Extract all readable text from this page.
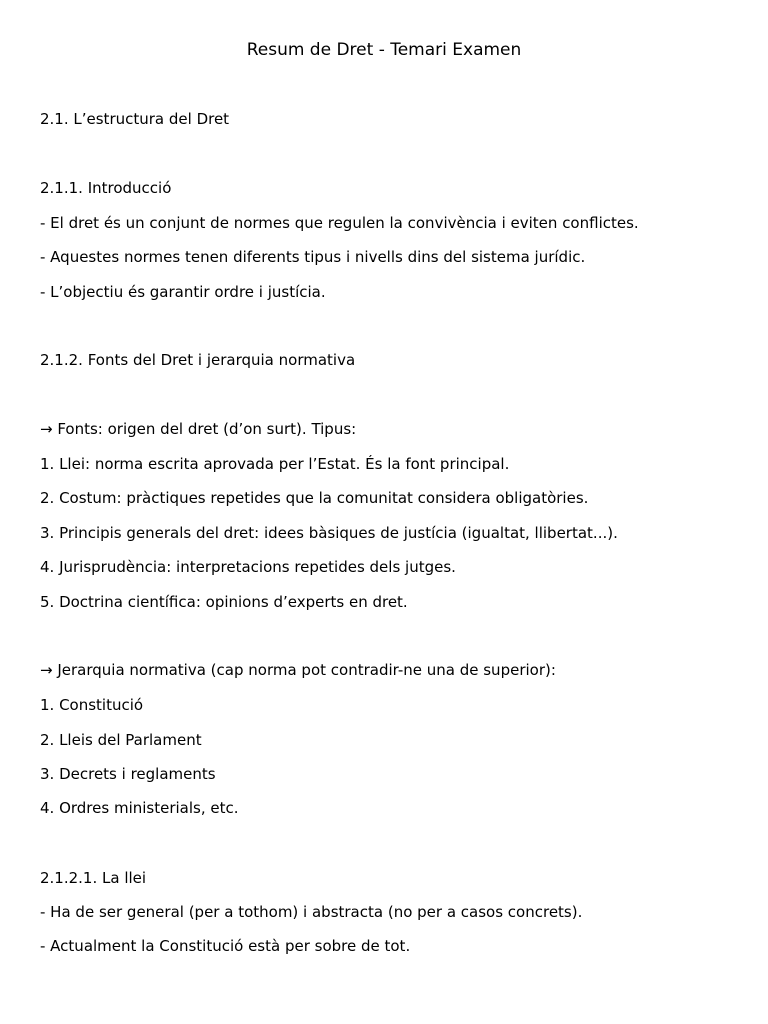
Resum de Dret - Temari Examen
2.1. L’estructura del Dret
2.1.1. Introducció
- El dret és un conjunt de normes que regulen la convivència i eviten conflictes.
- Aquestes normes tenen diferents tipus i nivells dins del sistema jurídic.
- L’objectiu és garantir ordre i justícia.
2.1.2. Fonts del Dret i jerarquia normativa
→ Fonts: origen del dret (d’on surt). Tipus:
1. Llei: norma escrita aprovada per l’Estat. És la font principal.
2. Costum: pràctiques repetides que la comunitat considera obligatòries.
3. Principis generals del dret: idees bàsiques de justícia (igualtat, llibertat...).
4. Jurisprudència: interpretacions repetides dels jutges.
5. Doctrina científica: opinions d’experts en dret.
→ Jerarquia normativa (cap norma pot contradir-ne una de superior):
1. Constitució
2. Lleis del Parlament
3. Decrets i reglaments
4. Ordres ministerials, etc.
2.1.2.1. La llei
- Ha de ser general (per a tothom) i abstracta (no per a casos concrets).
- Actualment la Constitució està per sobre de tot.
